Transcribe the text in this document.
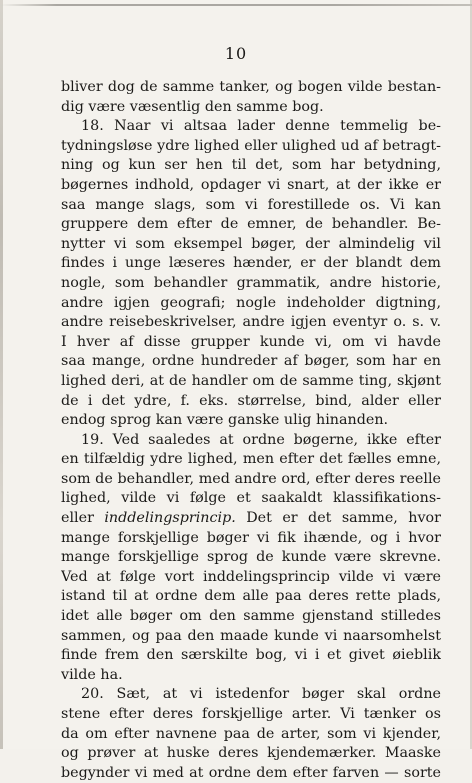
10
bliver dog de samme tanker, og bogen vilde bestan-
dig være væsentlig den samme bog.
18. Naar vi altsaa lader denne temmelig be-
tydningsløse ydre lighed eller ulighed ud af betragt-
ning og kun ser hen til det, som har betydning,
bøgernes indhold, opdager vi snart, at der ikke er
saa mange slags, som vi forestillede os. Vi kan
gruppere dem efter de emner, de behandler. Be-
nytter vi som eksempel bøger, der almindelig vil
findes i unge læseres hænder, er der blandt dem
nogle, som behandler grammatik, andre historie,
andre igjen geografi; nogle indeholder digtning,
andre reisebeskrivelser, andre igjen eventyr o. s. v.
I hver af disse grupper kunde vi, om vi havde
saa mange, ordne hundreder af bøger, som har en
lighed deri, at de handler om de samme ting, skjønt
de i det ydre, f. eks. størrelse, bind, alder eller
endog sprog kan være ganske ulig hinanden.
19. Ved saaledes at ordne bøgerne, ikke efter
en tilfældig ydre lighed, men efter det fælles emne,
som de behandler, med andre ord, efter deres reelle
lighed, vilde vi følge et saakaldt klassifikations-
eller inddelingsprincip. Det er det samme, hvor
mange forskjellige bøger vi fik ihænde, og i hvor
mange forskjellige sprog de kunde være skrevne.
Ved at følge vort inddelingsprincip vilde vi være
istand til at ordne dem alle paa deres rette plads,
idet alle bøger om den samme gjenstand stilledes
sammen, og paa den maade kunde vi naarsomhelst
finde frem den særskilte bog, vi i et givet øieblik
vilde ha.
20. Sæt, at vi istedenfor bøger skal ordne
stene efter deres forskjellige arter. Vi tænker os
da om efter navnene paa de arter, som vi kjender,
og prøver at huske deres kjendemærker. Maaske
begynder vi med at ordne dem efter farven — sorte
